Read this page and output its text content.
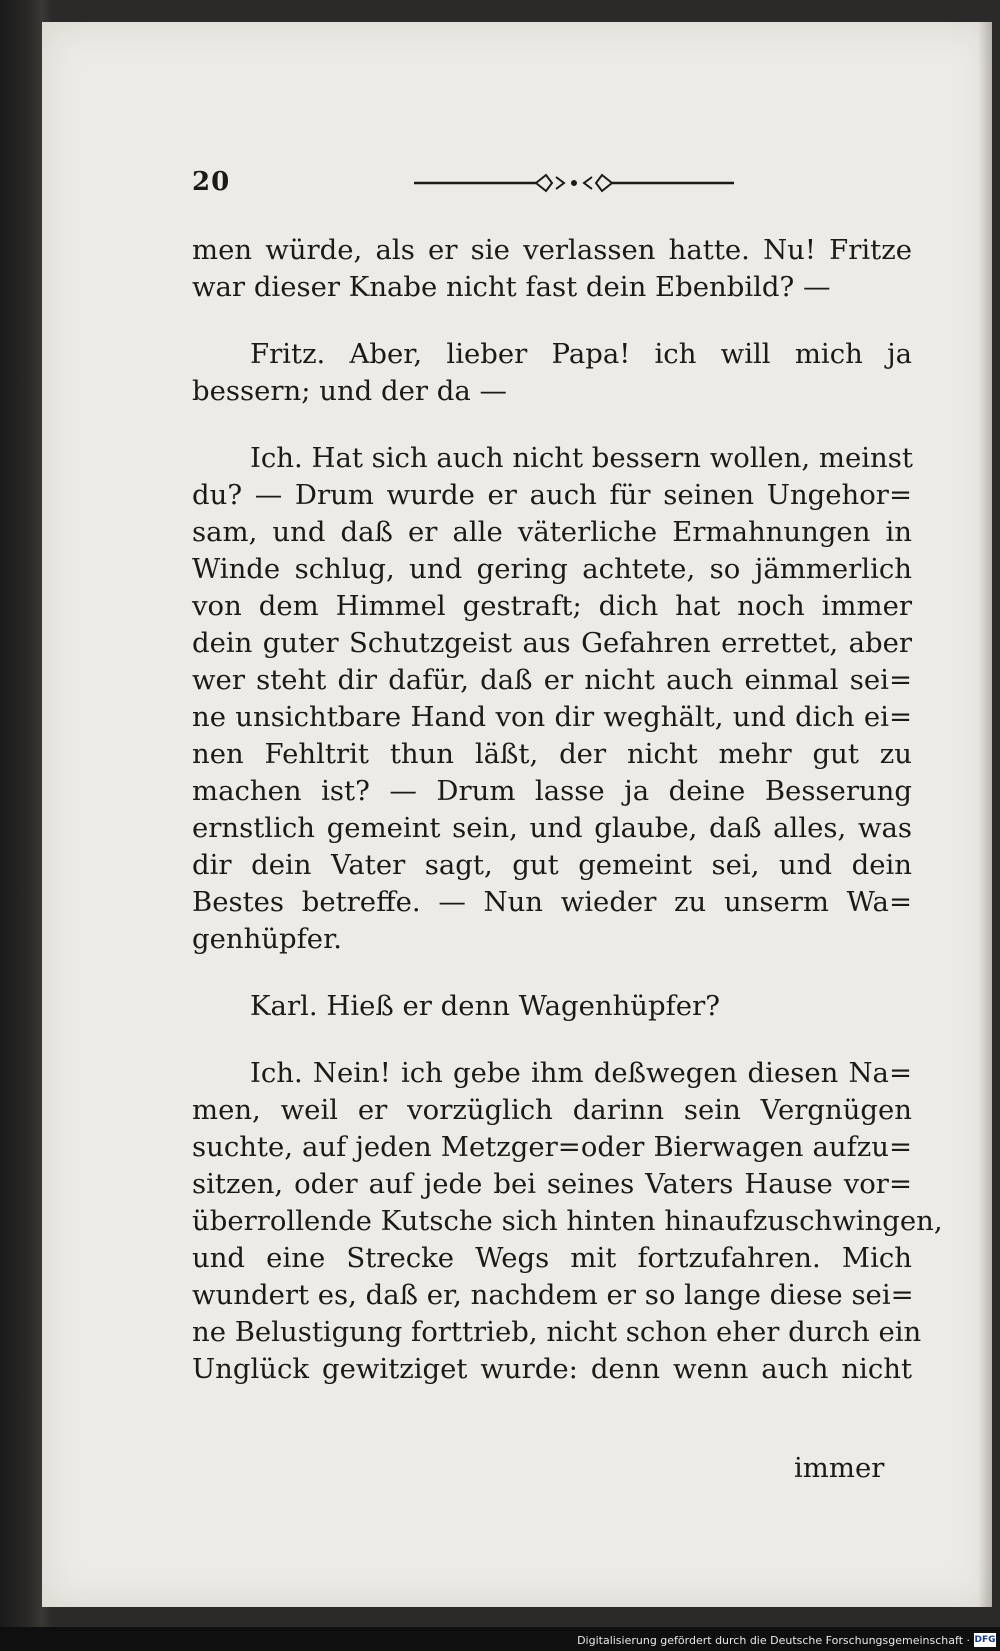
20
men würde, als er sie verlassen hatte. Nu! Fritze
war dieser Knabe nicht fast dein Ebenbild? —
Fritz. Aber, lieber Papa! ich will mich ja
bessern; und der da —
Ich. Hat sich auch nicht bessern wollen, meinst
du? — Drum wurde er auch für seinen Ungehor=
sam, und daß er alle väterliche Ermahnungen in
Winde schlug, und gering achtete, so jämmerlich
von dem Himmel gestraft; dich hat noch immer
dein guter Schutzgeist aus Gefahren errettet, aber
wer steht dir dafür, daß er nicht auch einmal sei=
ne unsichtbare Hand von dir weghält, und dich ei=
nen Fehltrit thun läßt, der nicht mehr gut zu
machen ist? — Drum lasse ja deine Besserung
ernstlich gemeint sein, und glaube, daß alles, was
dir dein Vater sagt, gut gemeint sei, und dein
Bestes betreffe. — Nun wieder zu unserm Wa=
genhüpfer.
Karl. Hieß er denn Wagenhüpfer?
Ich. Nein! ich gebe ihm deßwegen diesen Na=
men, weil er vorzüglich darinn sein Vergnügen
suchte, auf jeden Metzger=oder Bierwagen aufzu=
sitzen, oder auf jede bei seines Vaters Hause vor=
überrollende Kutsche sich hinten hinaufzuschwingen,
und eine Strecke Wegs mit fortzufahren. Mich
wundert es, daß er, nachdem er so lange diese sei=
ne Belustigung forttrieb, nicht schon eher durch ein
Unglück gewitziget wurde: denn wenn auch nicht
immer
Digitalisierung gefördert durch die Deutsche Forschungsgemeinschaft · DFG
